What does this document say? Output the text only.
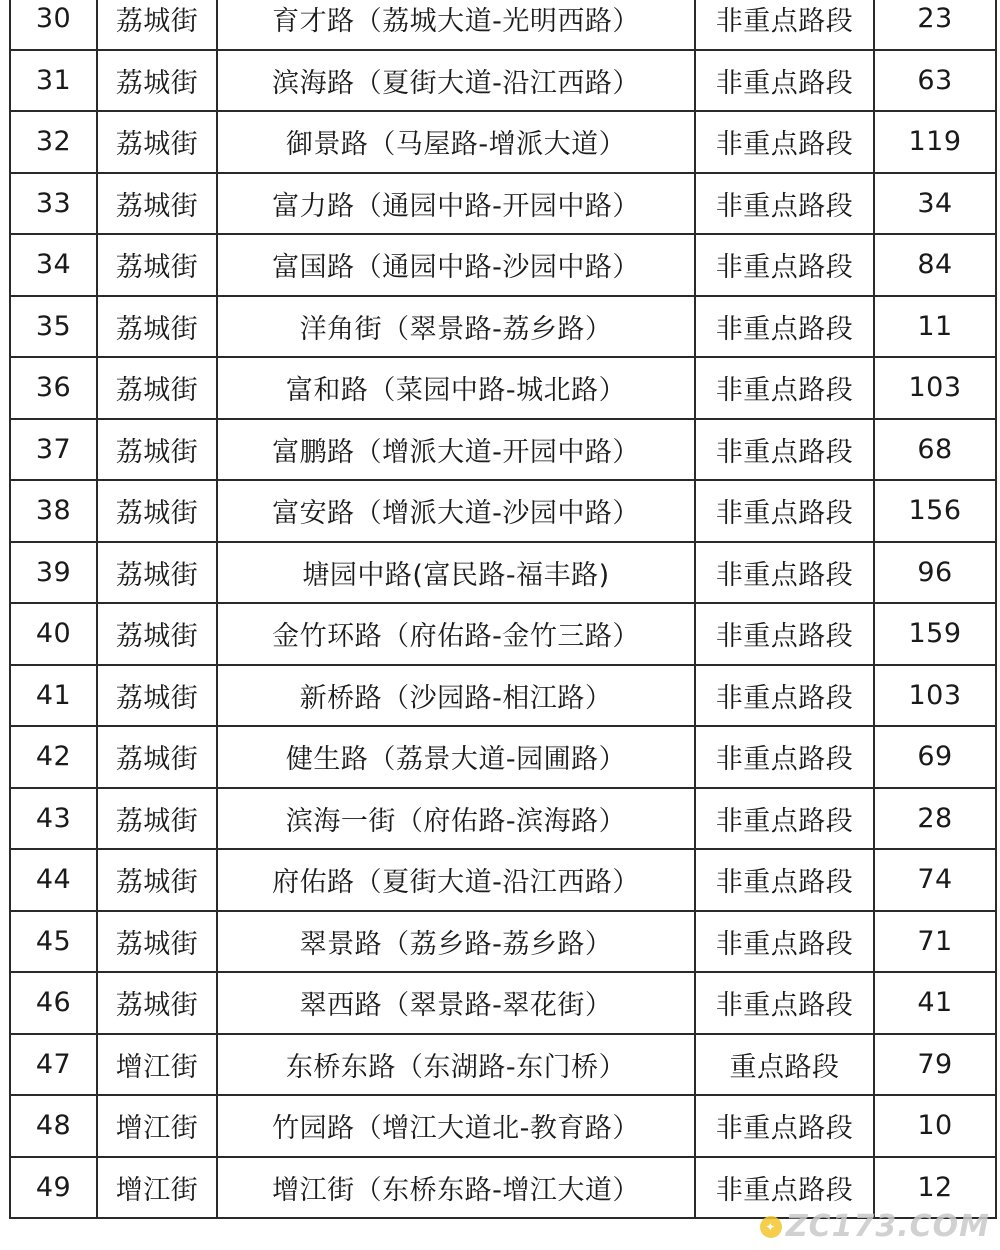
30	荔城街	育才路（荔城大道-光明西路）	非重点路段	23
31	荔城街	滨海路（夏街大道-沿江西路）	非重点路段	63
32	荔城街	御景路（马屋路-增派大道）	非重点路段	119
33	荔城街	富力路（通园中路-开园中路）	非重点路段	34
34	荔城街	富国路（通园中路-沙园中路）	非重点路段	84
35	荔城街	洋角街（翠景路-荔乡路）	非重点路段	11
36	荔城街	富和路（菜园中路-城北路）	非重点路段	103
37	荔城街	富鹏路（增派大道-开园中路）	非重点路段	68
38	荔城街	富安路（增派大道-沙园中路）	非重点路段	156
39	荔城街	塘园中路(富民路-福丰路)	非重点路段	96
40	荔城街	金竹环路（府佑路-金竹三路）	非重点路段	159
41	荔城街	新桥路（沙园路-相江路）	非重点路段	103
42	荔城街	健生路（荔景大道-园圃路）	非重点路段	69
43	荔城街	滨海一街（府佑路-滨海路）	非重点路段	28
44	荔城街	府佑路（夏街大道-沿江西路）	非重点路段	74
45	荔城街	翠景路（荔乡路-荔乡路）	非重点路段	71
46	荔城街	翠西路（翠景路-翠花街）	非重点路段	41
47	增江街	东桥东路（东湖路-东门桥）	重点路段	79
48	增江街	竹园路（增江大道北-教育路）	非重点路段	10
49	增江街	增江街（东桥东路-增江大道）	非重点路段	12
✦ ZC173.COM
